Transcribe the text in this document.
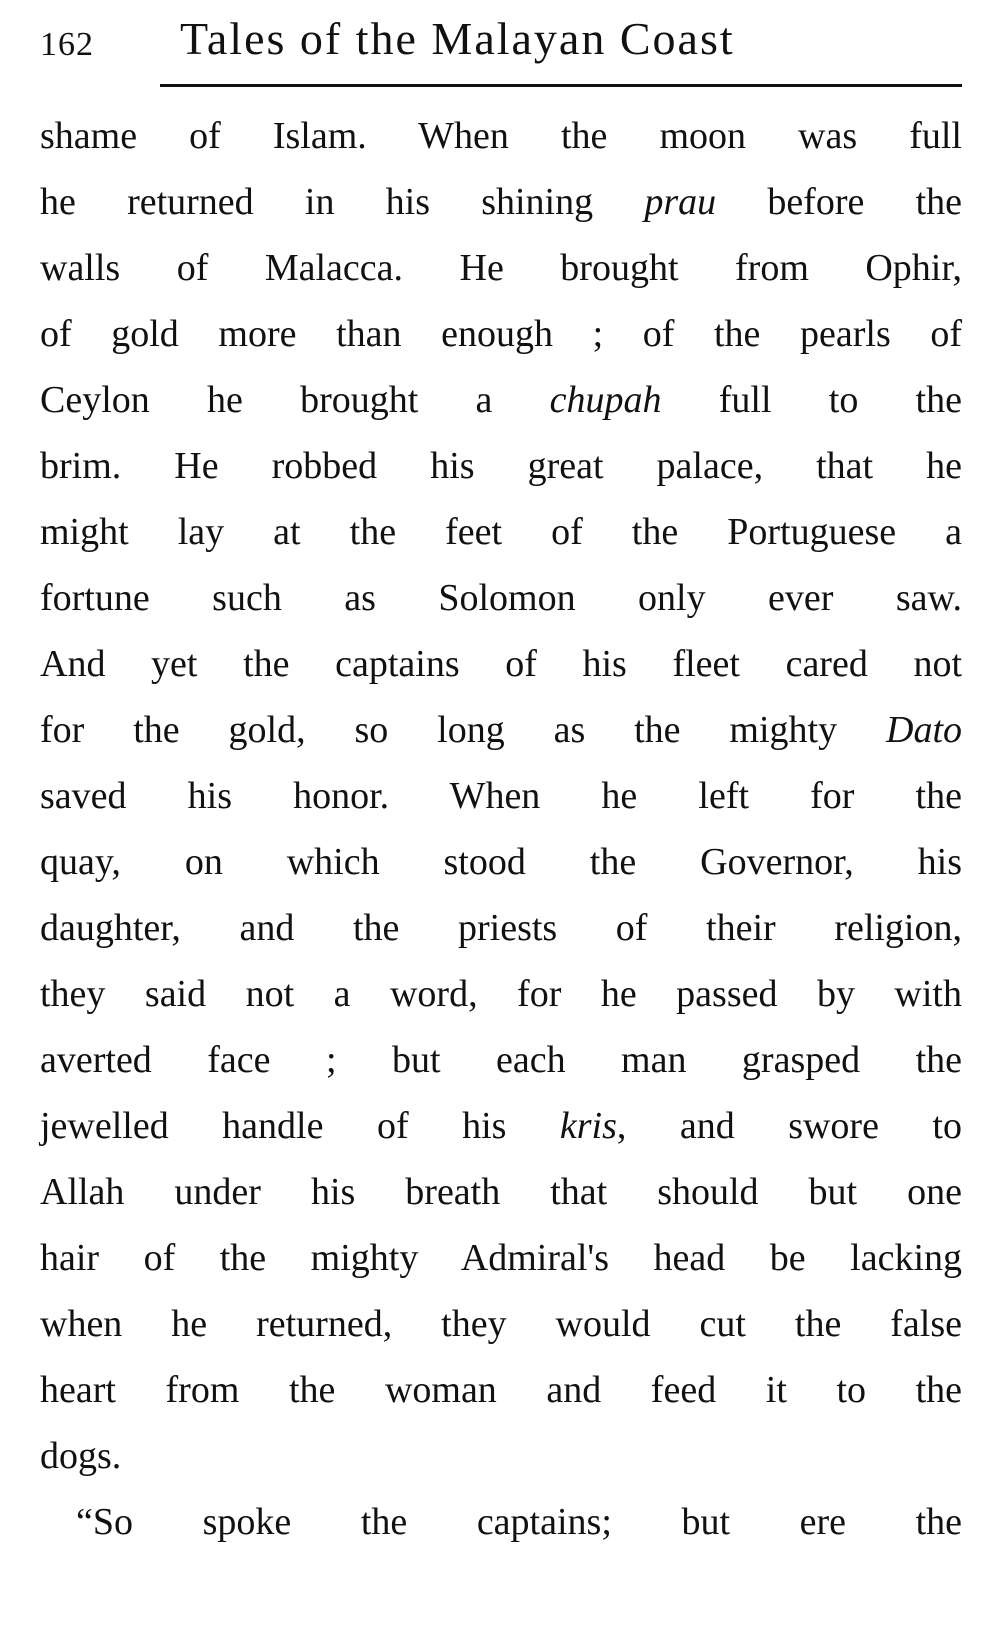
162 Tales of the Malayan Coast
shame of Islam. When the moon was full
he returned in his shining prau before the
walls of Malacca. He brought from Ophir,
of gold more than enough ; of the pearls of
Ceylon he brought a chupah full to the
brim. He robbed his great palace, that he
might lay at the feet of the Portuguese a
fortune such as Solomon only ever saw.
And yet the captains of his fleet cared not
for the gold, so long as the mighty Dato
saved his honor. When he left for the
quay, on which stood the Governor, his
daughter, and the priests of their religion,
they said not a word, for he passed by with
averted face ; but each man grasped the
jewelled handle of his kris, and swore to
Allah under his breath that should but one
hair of the mighty Admiral's head be lacking
when he returned, they would cut the false
heart from the woman and feed it to the
dogs.
“So spoke the captains; but ere the
